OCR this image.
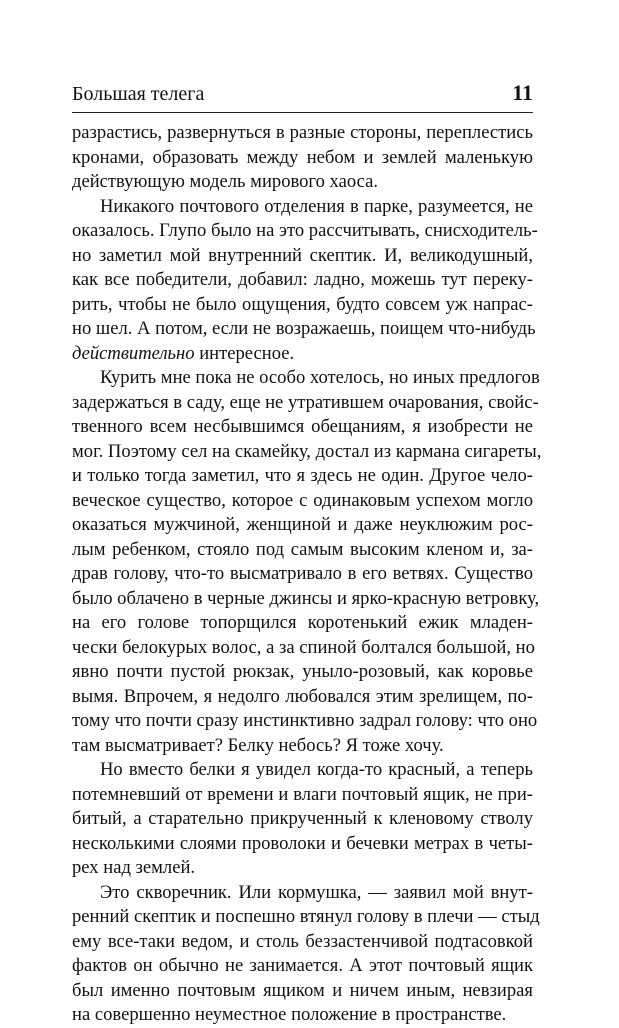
Большая телега	11
разрастись, развернуться в разные стороны, переплестись
кронами, образовать между небом и землей маленькую
действующую модель мирового хаоса.
Никакого почтового отделения в парке, разумеется, не
оказалось. Глупо было на это рассчитывать, снисходитель-
но заметил мой внутренний скептик. И, великодушный,
как все победители, добавил: ладно, можешь тут переку-
рить, чтобы не было ощущения, будто совсем уж напрас-
но шел. А потом, если не возражаешь, поищем что-нибудь
действительно интересное.
Курить мне пока не особо хотелось, но иных предлогов
задержаться в саду, еще не утратившем очарования, свойс-
твенного всем несбывшимся обещаниям, я изобрести не
мог. Поэтому сел на скамейку, достал из кармана сигареты,
и только тогда заметил, что я здесь не один. Другое чело-
веческое существо, которое с одинаковым успехом могло
оказаться мужчиной, женщиной и даже неуклюжим рос-
лым ребенком, стояло под самым высоким кленом и, за-
драв голову, что-то высматривало в его ветвях. Существо
было облачено в черные джинсы и ярко-красную ветровку,
на его голове топорщился коротенький ежик младен-
чески белокурых волос, а за спиной болтался большой, но
явно почти пустой рюкзак, уныло-розовый, как коровье
вымя. Впрочем, я недолго любовался этим зрелищем, по-
тому что почти сразу инстинктивно задрал голову: что оно
там высматривает? Белку небось? Я тоже хочу.
Но вместо белки я увидел когда-то красный, а теперь
потемневший от времени и влаги почтовый ящик, не при-
битый, а старательно прикрученный к кленовому стволу
несколькими слоями проволоки и бечевки метрах в четы-
рех над землей.
Это скворечник. Или кормушка, — заявил мой внут-
ренний скептик и поспешно втянул голову в плечи — стыд
ему все-таки ведом, и столь беззастенчивой подтасовкой
фактов он обычно не занимается. А этот почтовый ящик
был именно почтовым ящиком и ничем иным, невзирая
на совершенно неуместное положение в пространстве.
